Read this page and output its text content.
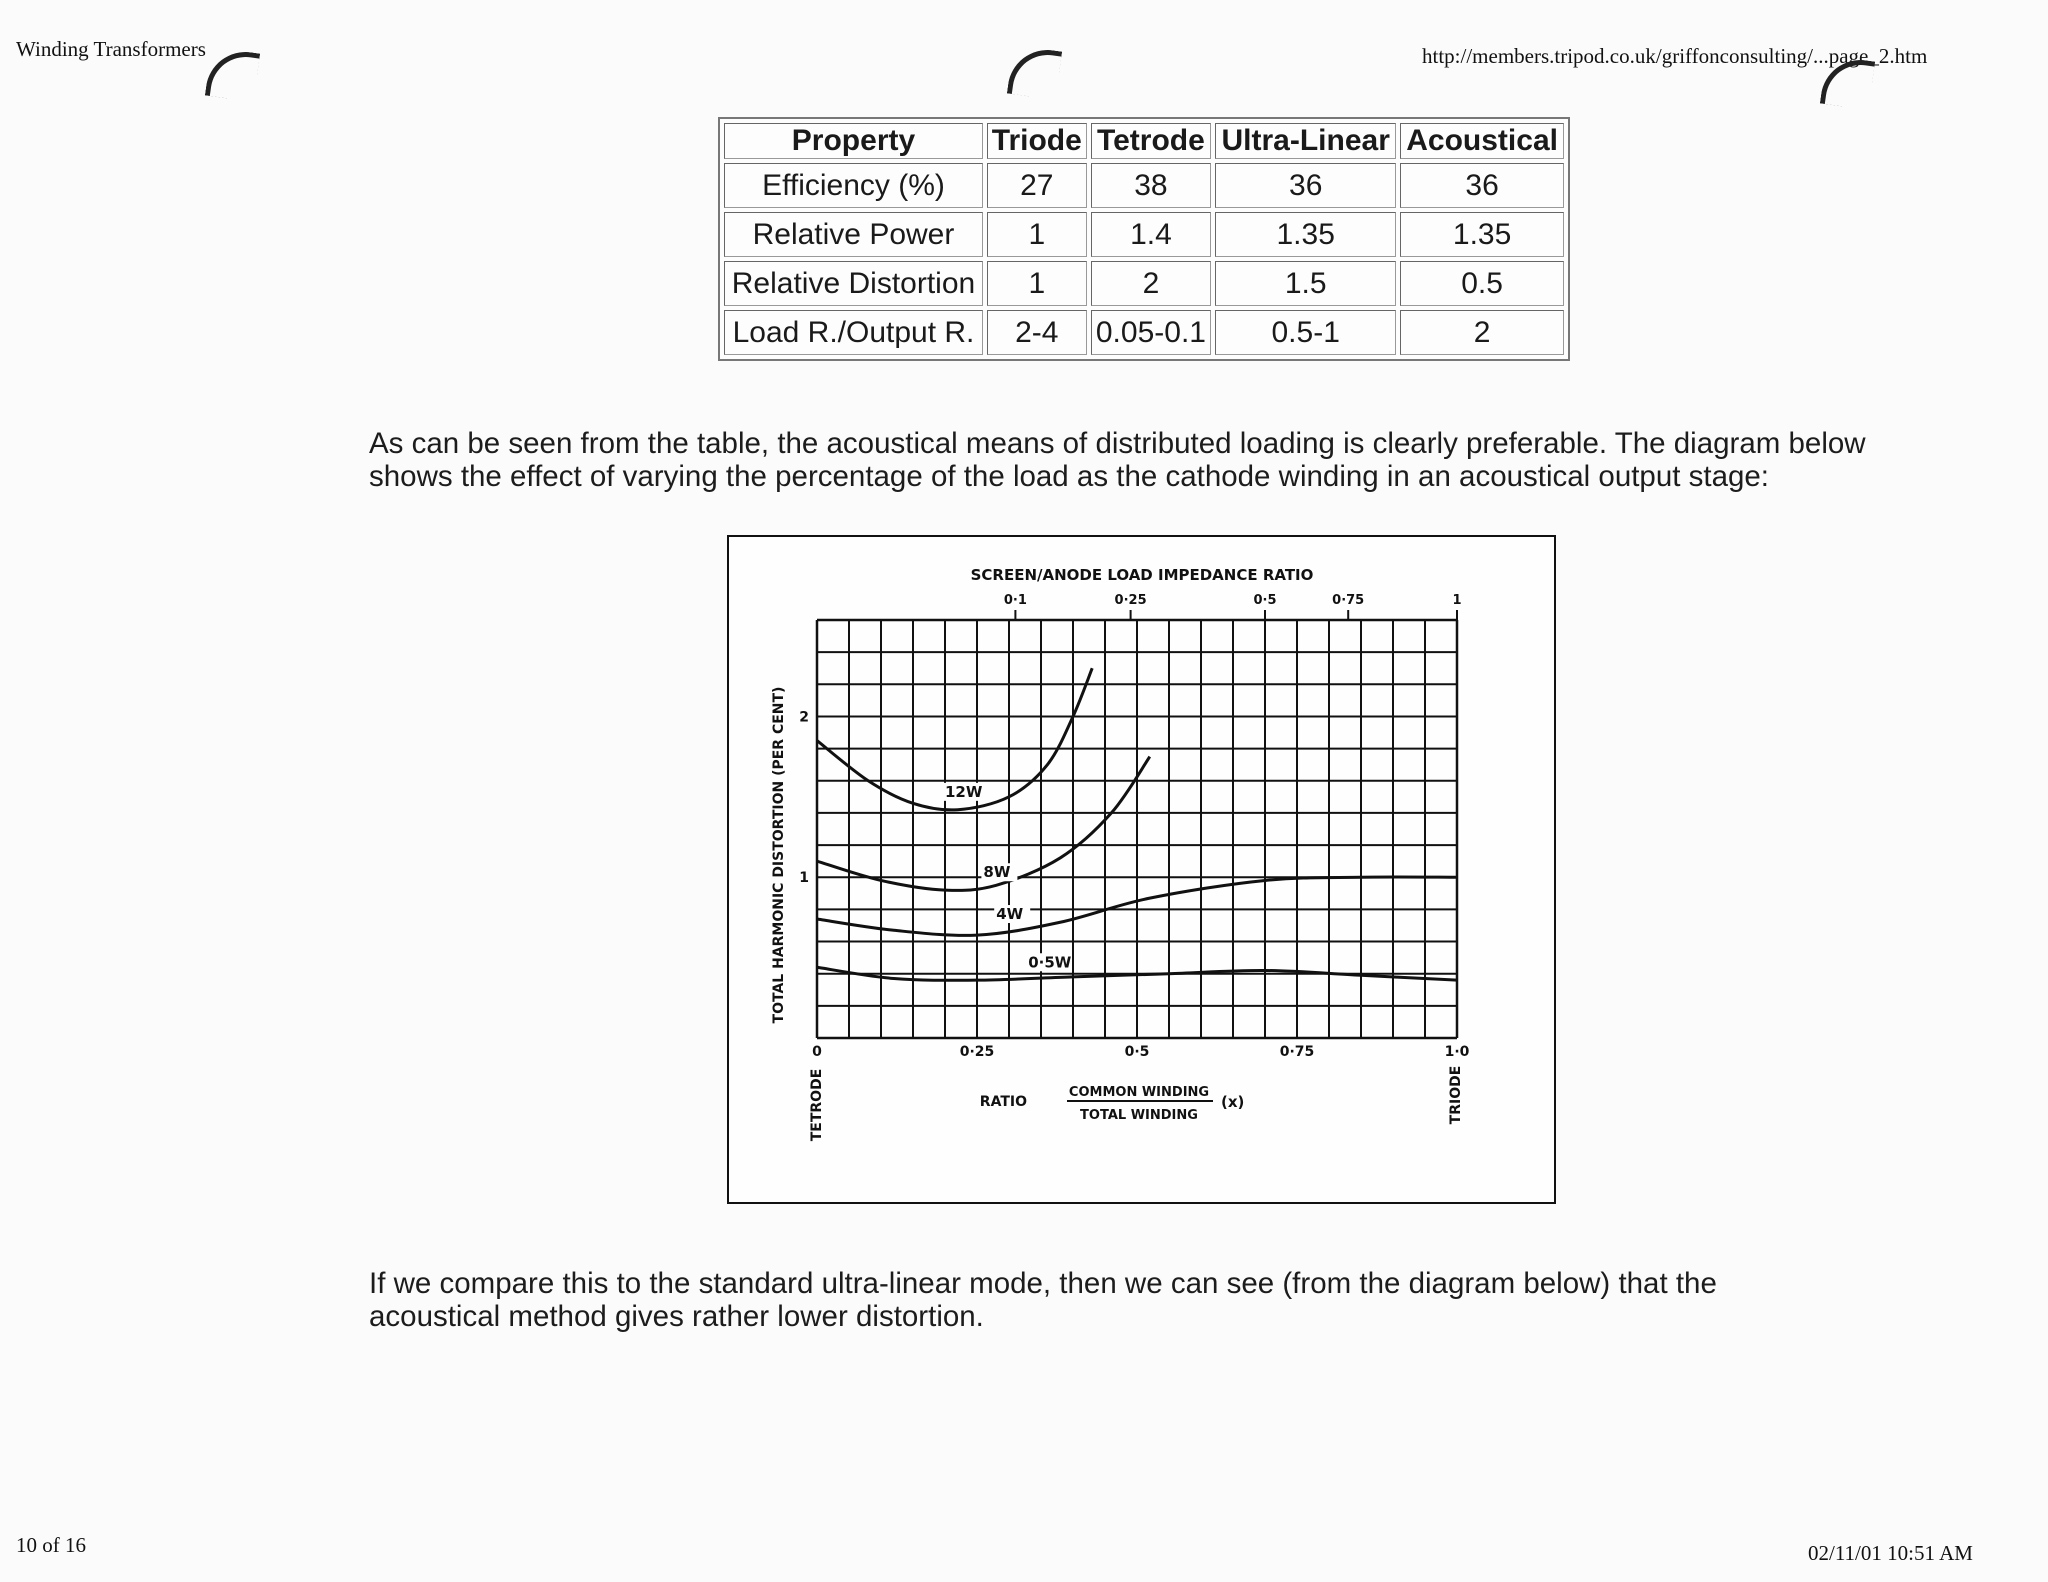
Winding Transformers	http://members.tripod.co.uk/griffonconsulting/...page_2.htm
Property	Triode	Tetrode	Ultra-Linear	Acoustical
Efficiency (%)	27	38	36	36
Relative Power	1	1.4	1.35	1.35
Relative Distortion	1	2	1.5	0.5
Load R./Output R.	2-4	0.05-0.1	0.5-1	2

As can be seen from the table, the acoustical means of distributed loading is clearly preferable. The diagram below shows the effect of varying the percentage of the load as the cathode winding in an acoustical output stage:

12W
8W
4W
0·5W
0·1	0·25	0·5	0·75	1
0	0·25	0·5	0·75	1·0
1
2
SCREEN/ANODE LOAD IMPEDANCE RATIO
TOTAL HARMONIC DISTORTION (PER CENT)
RATIO
COMMON WINDING
TOTAL WINDING
(x)
TETRODE	TRIODE

If we compare this to the standard ultra-linear mode, then we can see (from the diagram below) that the acoustical method gives rather lower distortion.

10 of 16	02/11/01 10:51 AM
